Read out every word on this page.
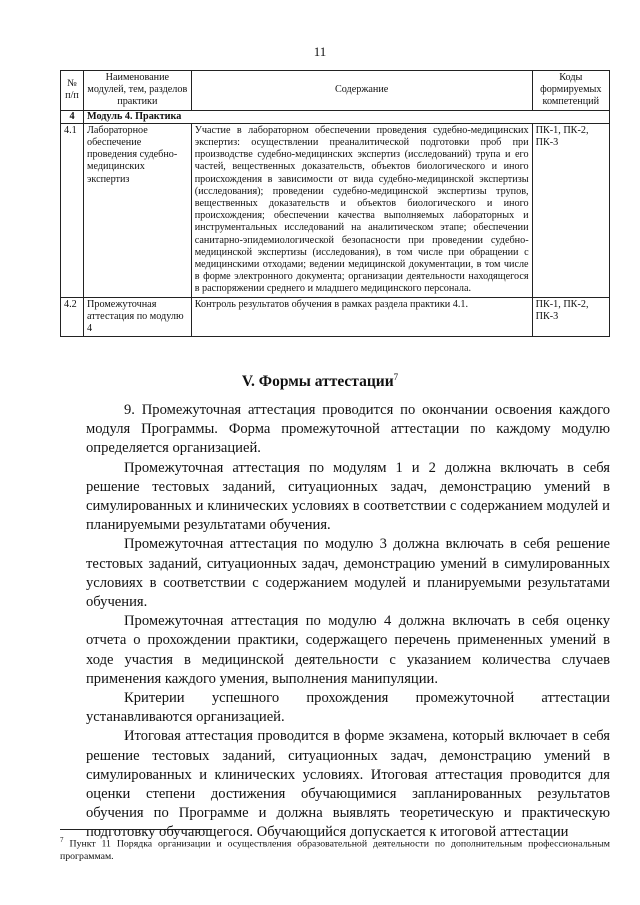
11
№ п/п	Наименование модулей, тем, разделов практики	Содержание	Коды формируемых компетенций
4	Модуль 4. Практика		
4.1	Лабораторное обеспечение проведения судебно-медицинских экспертиз	Участие в лабораторном обеспечении проведения судебно-медицинских экспертиз: осуществлении преаналитической подготовки проб при производстве судебно-медицинских экспертиз (исследований) трупа и его частей, вещественных доказательств, объектов биологического и иного происхождения в зависимости от вида судебно-медицинской экспертизы (исследования); проведении судебно-медицинской экспертизы трупов, вещественных доказательств и объектов биологического и иного происхождения; обеспечении качества выполняемых лабораторных и инструментальных исследований на аналитическом этапе; обеспечении санитарно-эпидемиологической безопасности при проведении судебно-медицинской экспертизы (исследования), в том числе при обращении с медицинскими отходами; ведении медицинской документации, в том числе в форме электронного документа; организации деятельности находящегося в распоряжении среднего и младшего медицинского персонала.	ПК-1, ПК-2, ПК-3
4.2	Промежуточная аттестация по модулю 4	Контроль результатов обучения в рамках раздела практики 4.1.	ПК-1, ПК-2, ПК-3
V. Формы аттестации$^7$

9. Промежуточная аттестация проводится по окончании освоения каждого модуля Программы. Форма промежуточной аттестации по каждому модулю определяется организацией.

Промежуточная аттестация по модулям 1 и 2 должна включать в себя решение тестовых заданий, ситуационных задач, демонстрацию умений в симулированных и клинических условиях в соответствии с содержанием модулей и планируемыми результатами обучения.

Промежуточная аттестация по модулю 3 должна включать в себя решение тестовых заданий, ситуационных задач, демонстрацию умений в симулированных условиях в соответствии с содержанием модулей и планируемыми результатами обучения.

Промежуточная аттестация по модулю 4 должна включать в себя оценку отчета о прохождении практики, содержащего перечень примененных умений в ходе участия в медицинской деятельности с указанием количества случаев применения каждого умения, выполнения манипуляции.

Критерии успешного прохождения промежуточной аттестации устанавливаются организацией.

Итоговая аттестация проводится в форме экзамена, который включает в себя решение тестовых заданий, ситуационных задач, демонстрацию умений в симулированных и клинических условиях. Итоговая аттестация проводится для оценки степени достижения обучающимися запланированных результатов обучения по Программе и должна выявлять теоретическую и практическую подготовку обучающегося. Обучающийся допускается к итоговой аттестации

$^7$ Пункт 11 Порядка организации и осуществления образовательной деятельности по дополнительным профессиональным программам.
